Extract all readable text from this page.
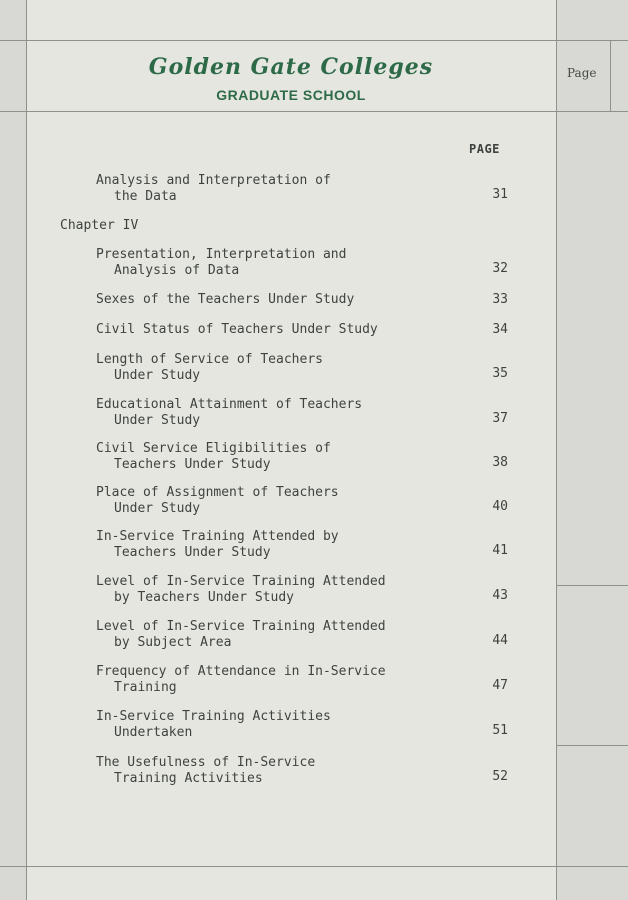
Golden Gate Colleges
GRADUATE SCHOOL
Page
PAGE
Analysis and Interpretation of
the Data	31
Chapter IV
Presentation, Interpretation and
Analysis of Data	32
Sexes of the Teachers Under Study	33
Civil Status of Teachers Under Study	34
Length of Service of Teachers
Under Study	35
Educational Attainment of Teachers
Under Study	37
Civil Service Eligibilities of
Teachers Under Study	38
Place of Assignment of Teachers
Under Study	40
In-Service Training Attended by
Teachers Under Study	41
Level of In-Service Training Attended
by Teachers Under Study	43
Level of In-Service Training Attended
by Subject Area	44
Frequency of Attendance in In-Service
Training	47
In-Service Training Activities
Undertaken	51
The Usefulness of In-Service
Training Activities	52
